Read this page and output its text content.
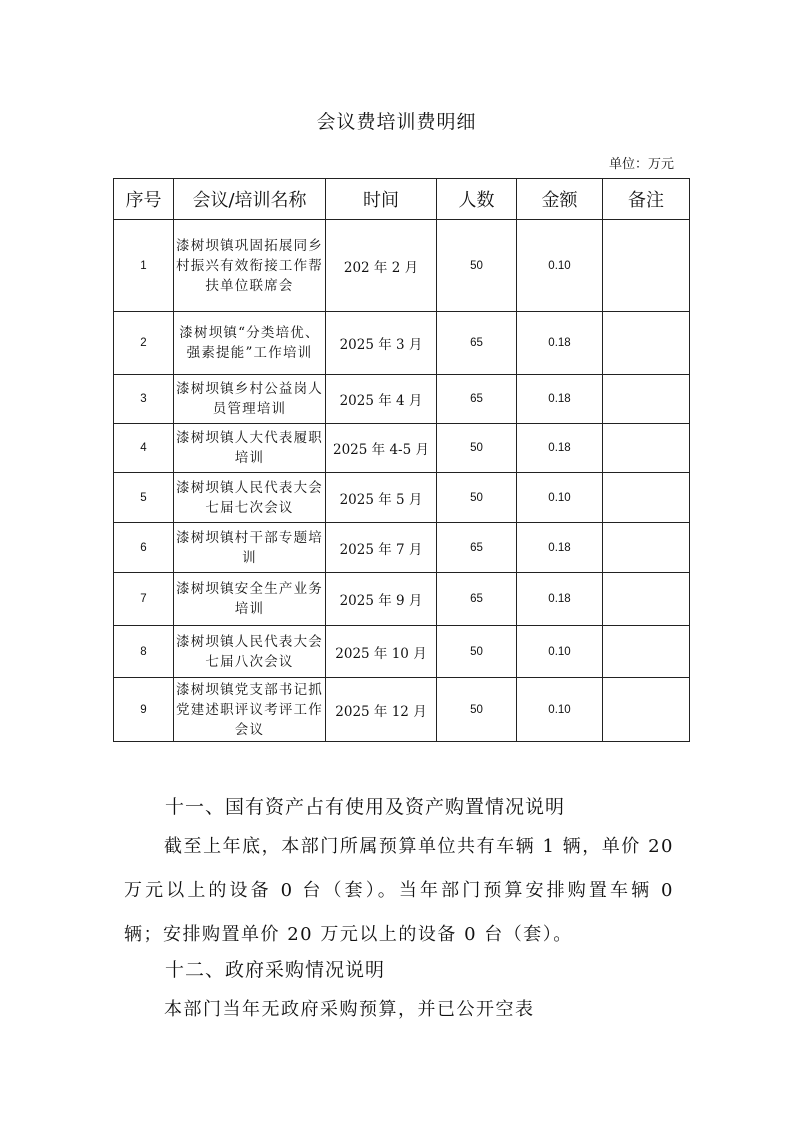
会议费培训费明细
单位：万元
序号	会议/培训名称	时间	人数	金额	备注
1	漆树坝镇巩固拓展同乡村振兴有效衔接工作帮扶单位联席会	202 年 2 月	50	0.10	
2	漆树坝镇“分类培优、强素提能”工作培训	2025 年 3 月	65	0.18	
3	漆树坝镇乡村公益岗人员管理培训	2025 年 4 月	65	0.18	
4	漆树坝镇人大代表履职培训	2025 年 4-5 月	50	0.18	
5	漆树坝镇人民代表大会七届七次会议	2025 年 5 月	50	0.10	
6	漆树坝镇村干部专题培训	2025 年 7 月	65	0.18	
7	漆树坝镇安全生产业务培训	2025 年 9 月	65	0.18	
8	漆树坝镇人民代表大会七届八次会议	2025 年 10 月	50	0.10	
9	漆树坝镇党支部书记抓党建述职评议考评工作会议	2025 年 12 月	50	0.10	
十一、国有资产占有使用及资产购置情况说明
截至上年底，本部门所属预算单位共有车辆 1 辆，单价 20 万元以上的设备 0 台（套）。当年部门预算安排购置车辆 0 辆；安排购置单价 20 万元以上的设备 0 台（套）。
十二、政府采购情况说明
本部门当年无政府采购预算，并已公开空表
